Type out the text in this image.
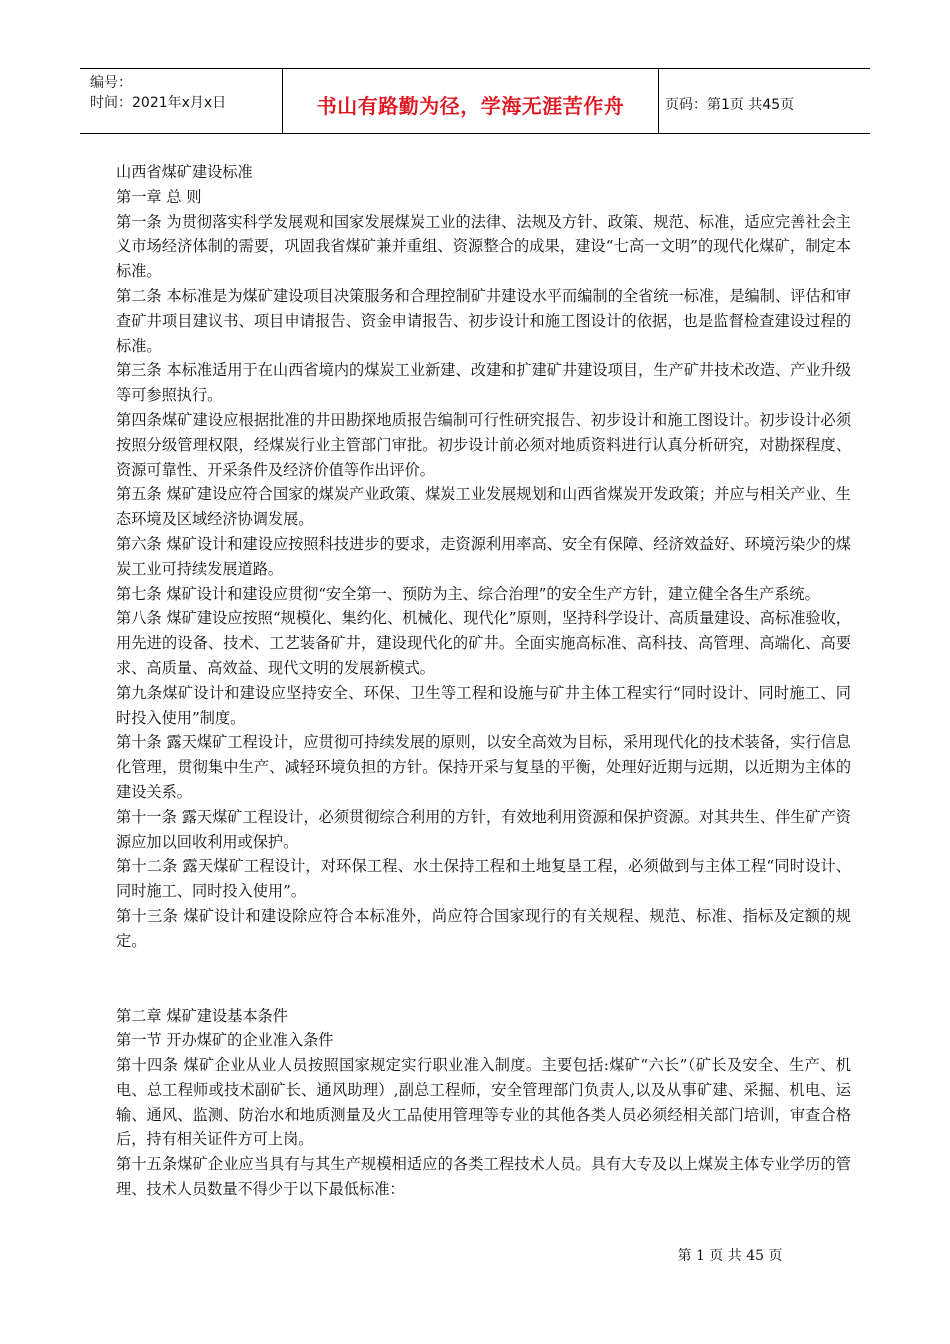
编号：
时间：2021年x月x日	书山有路勤为径，学海无涯苦作舟	页码：第1页 共45页

山西省煤矿建设标准

第一章 总 则

第一条 为贯彻落实科学发展观和国家发展煤炭工业的法律、法规及方针、政策、规范、标准，适应完善社会主义市场经济体制的需要，巩固我省煤矿兼并重组、资源整合的成果，建设“七高一文明”的现代化煤矿，制定本标准。

第二条 本标准是为煤矿建设项目决策服务和合理控制矿井建设水平而编制的全省统一标准，是编制、评估和审查矿井项目建议书、项目申请报告、资金申请报告、初步设计和施工图设计的依据，也是监督检查建设过程的标准。

第三条 本标准适用于在山西省境内的煤炭工业新建、改建和扩建矿井建设项目，生产矿井技术改造、产业升级等可参照执行。

第四条煤矿建设应根据批准的井田勘探地质报告编制可行性研究报告、初步设计和施工图设计。初步设计必须按照分级管理权限，经煤炭行业主管部门审批。初步设计前必须对地质资料进行认真分析研究，对勘探程度、资源可靠性、开采条件及经济价值等作出评价。

第五条 煤矿建设应符合国家的煤炭产业政策、煤炭工业发展规划和山西省煤炭开发政策；并应与相关产业、生态环境及区域经济协调发展。

第六条 煤矿设计和建设应按照科技进步的要求，走资源利用率高、安全有保障、经济效益好、环境污染少的煤炭工业可持续发展道路。

第七条 煤矿设计和建设应贯彻“安全第一、预防为主、综合治理”的安全生产方针，建立健全各生产系统。

第八条 煤矿建设应按照“规模化、集约化、机械化、现代化”原则，坚持科学设计、高质量建设、高标准验收，用先进的设备、技术、工艺装备矿井，建设现代化的矿井。全面实施高标准、高科技、高管理、高端化、高要求、高质量、高效益、现代文明的发展新模式。

第九条煤矿设计和建设应坚持安全、环保、卫生等工程和设施与矿井主体工程实行“同时设计、同时施工、同时投入使用”制度。

第十条 露天煤矿工程设计，应贯彻可持续发展的原则，以安全高效为目标，采用现代化的技术装备，实行信息化管理，贯彻集中生产、减轻环境负担的方针。保持开采与复垦的平衡，处理好近期与远期，以近期为主体的建设关系。

第十一条 露天煤矿工程设计，必须贯彻综合利用的方针，有效地利用资源和保护资源。对其共生、伴生矿产资源应加以回收利用或保护。

第十二条 露天煤矿工程设计，对环保工程、水土保持工程和土地复垦工程，必须做到与主体工程“同时设计、同时施工、同时投入使用”。

第十三条 煤矿设计和建设除应符合本标准外，尚应符合国家现行的有关规程、规范、标准、指标及定额的规定。

第二章 煤矿建设基本条件

第一节 开办煤矿的企业准入条件

第十四条 煤矿企业从业人员按照国家规定实行职业准入制度。主要包括:煤矿“六长”（矿长及安全、生产、机电、总工程师或技术副矿长、通风助理）,副总工程师，安全管理部门负责人,以及从事矿建、采掘、机电、运输、通风、监测、防治水和地质测量及火工品使用管理等专业的其他各类人员必须经相关部门培训，审查合格后，持有相关证件方可上岗。

第十五条煤矿企业应当具有与其生产规模相适应的各类工程技术人员。具有大专及以上煤炭主体专业学历的管理、技术人员数量不得少于以下最低标准：

第 1 页 共 45 页
